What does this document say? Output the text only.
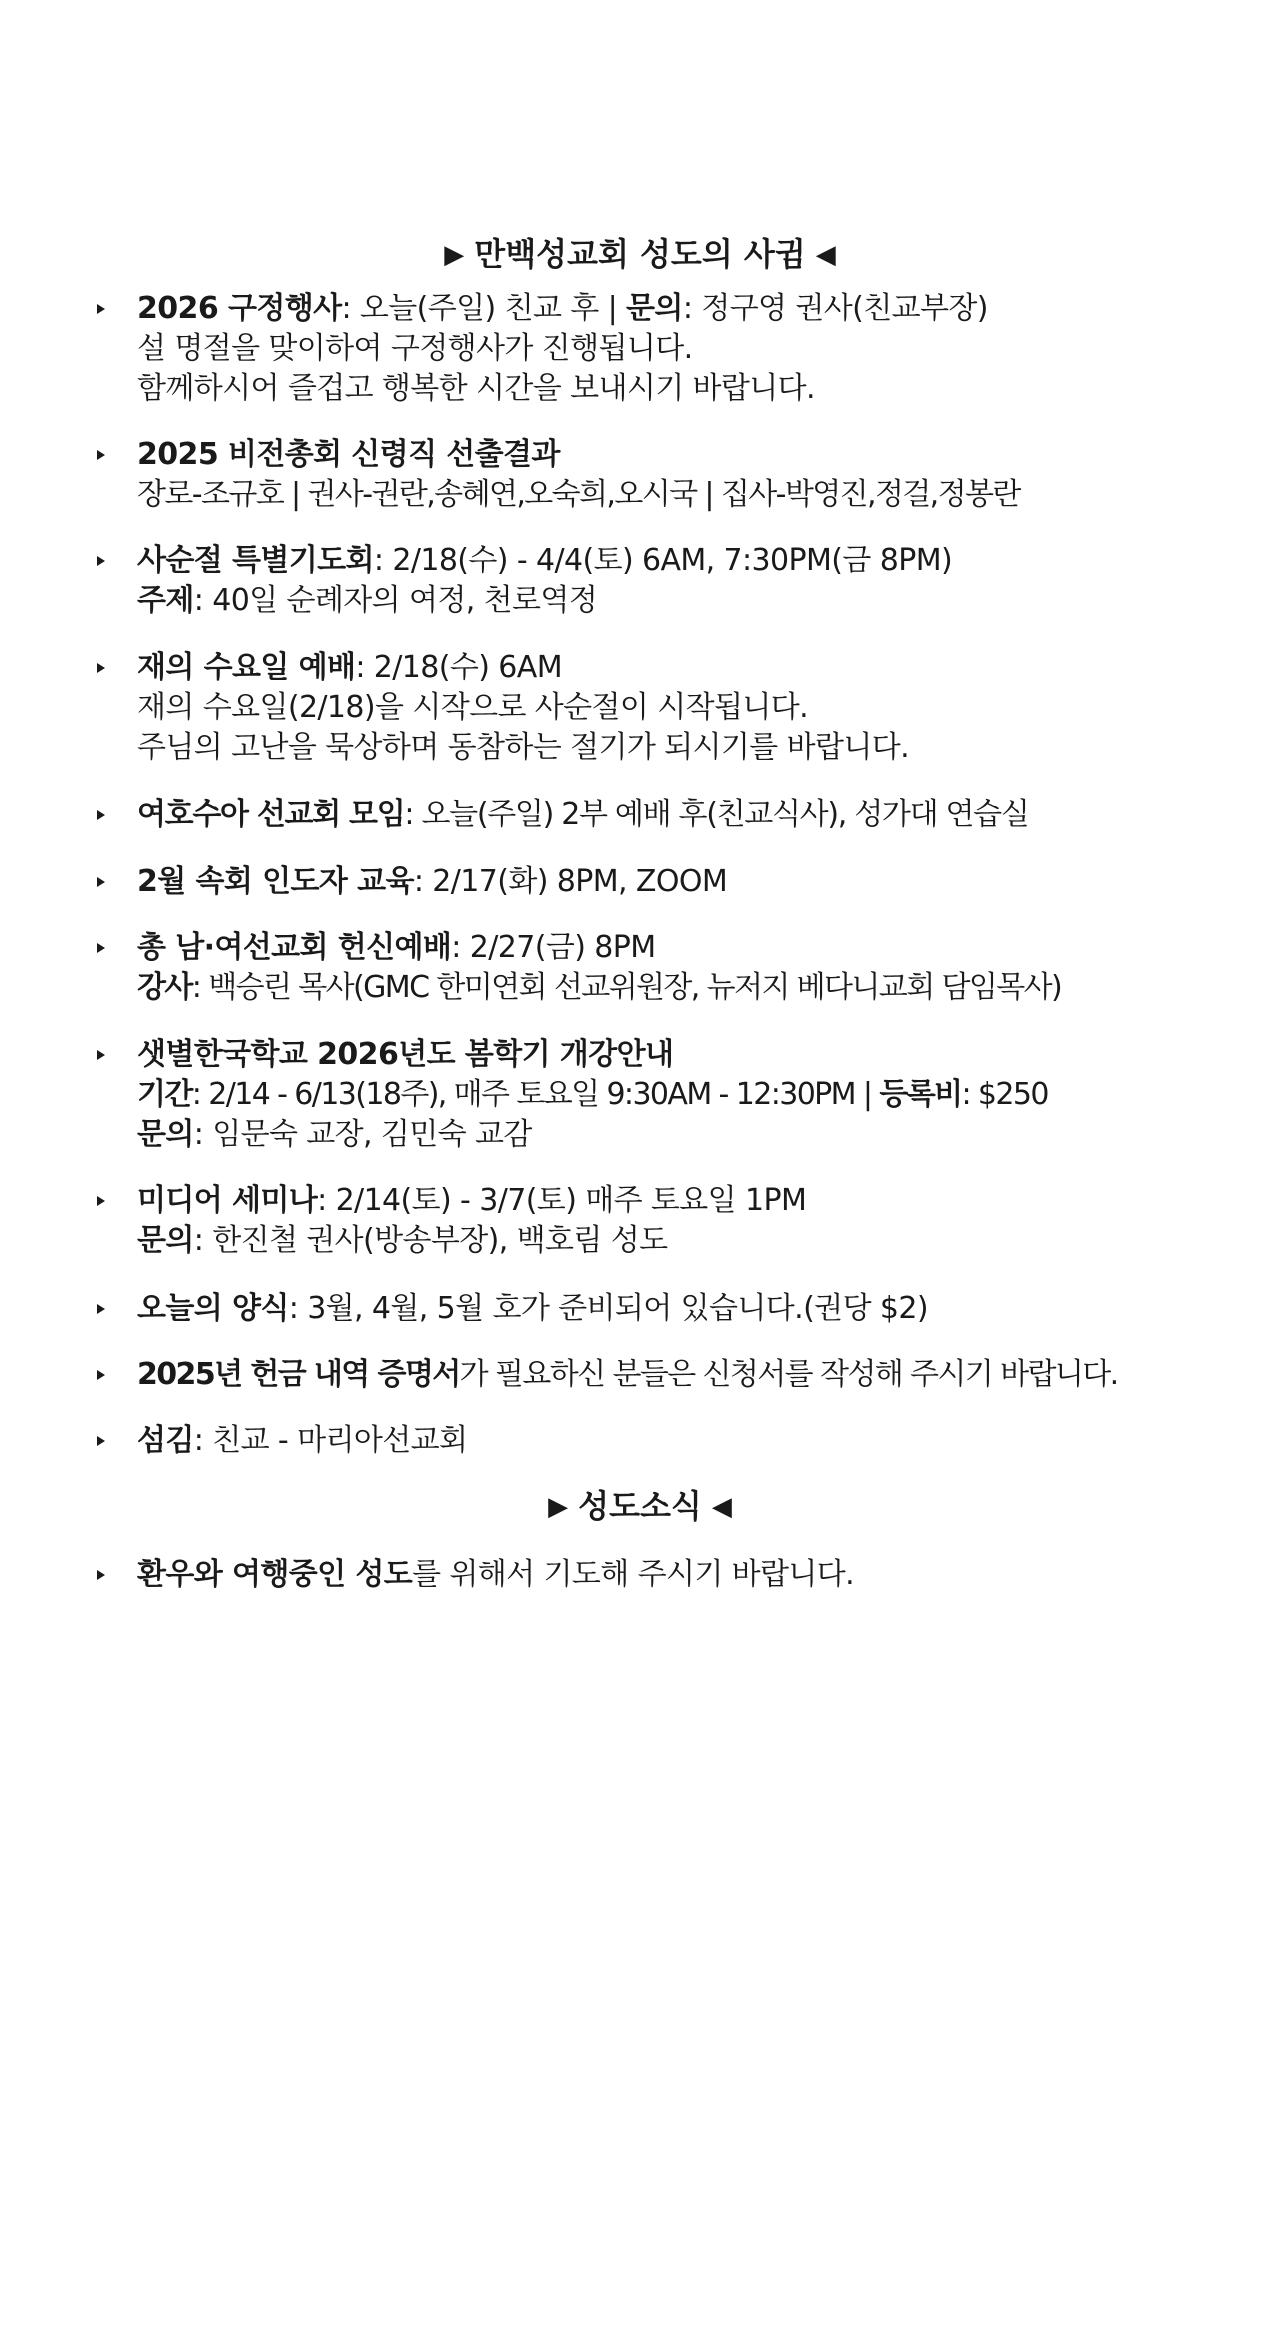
▶ 만백성교회 성도의 사귐 ◀
2026 구정행사: 오늘(주일) 친교 후 | 문의: 정구영 권사(친교부장)
설 명절을 맞이하여 구정행사가 진행됩니다.
함께하시어 즐겁고 행복한 시간을 보내시기 바랍니다.
2025 비전총회 신령직 선출결과
장로-조규호 | 권사-권란,송혜연,오숙희,오시국 | 집사-박영진,정걸,정봉란
사순절 특별기도회: 2/18(수) - 4/4(토) 6AM, 7:30PM(금 8PM)
주제: 40일 순례자의 여정, 천로역정
재의 수요일 예배: 2/18(수) 6AM
재의 수요일(2/18)을 시작으로 사순절이 시작됩니다.
주님의 고난을 묵상하며 동참하는 절기가 되시기를 바랍니다.
여호수아 선교회 모임: 오늘(주일) 2부 예배 후(친교식사), 성가대 연습실
2월 속회 인도자 교육: 2/17(화) 8PM, ZOOM
총 남·여선교회 헌신예배: 2/27(금) 8PM
강사: 백승린 목사(GMC 한미연회 선교위원장, 뉴저지 베다니교회 담임목사)
샛별한국학교 2026년도 봄학기 개강안내
기간: 2/14 - 6/13(18주), 매주 토요일 9:30AM - 12:30PM | 등록비: $250
문의: 임문숙 교장, 김민숙 교감
미디어 세미나: 2/14(토) - 3/7(토) 매주 토요일 1PM
문의: 한진철 권사(방송부장), 백호림 성도
오늘의 양식: 3월, 4월, 5월 호가 준비되어 있습니다.(권당 $2)
2025년 헌금 내역 증명서가 필요하신 분들은 신청서를 작성해 주시기 바랍니다.
섬김: 친교 - 마리아선교회
▶ 성도소식 ◀
환우와 여행중인 성도를 위해서 기도해 주시기 바랍니다.
